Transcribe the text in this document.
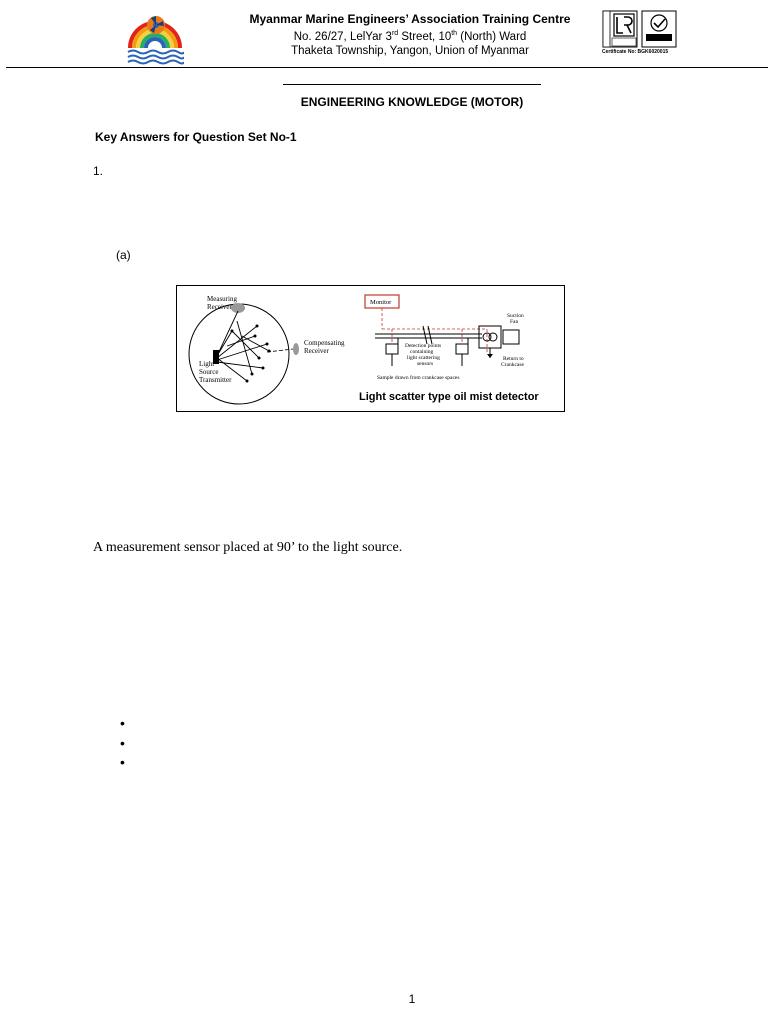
Myanmar Marine Engineers’ Association Training Centre
No. 26/27, LelYar 3rd Street, 10th (North) Ward
Thaketa Township, Yangon, Union of Myanmar	Certificate No: BGK6020015
ENGINEERING KNOWLEDGE (MOTOR)
Key Answers for Question Set No-1
1.
(a)
Measuring
Receiver
Compensating
Receiver
Light
Source
Transmitter
Monitor
Detection points
containing
light scattering
sensors
Suction
Fan
Return to
Crankcase
Sample drawn from crankcase spaces
Light scatter type oil mist detector
A measurement sensor placed at 90’ to the light source.
1
